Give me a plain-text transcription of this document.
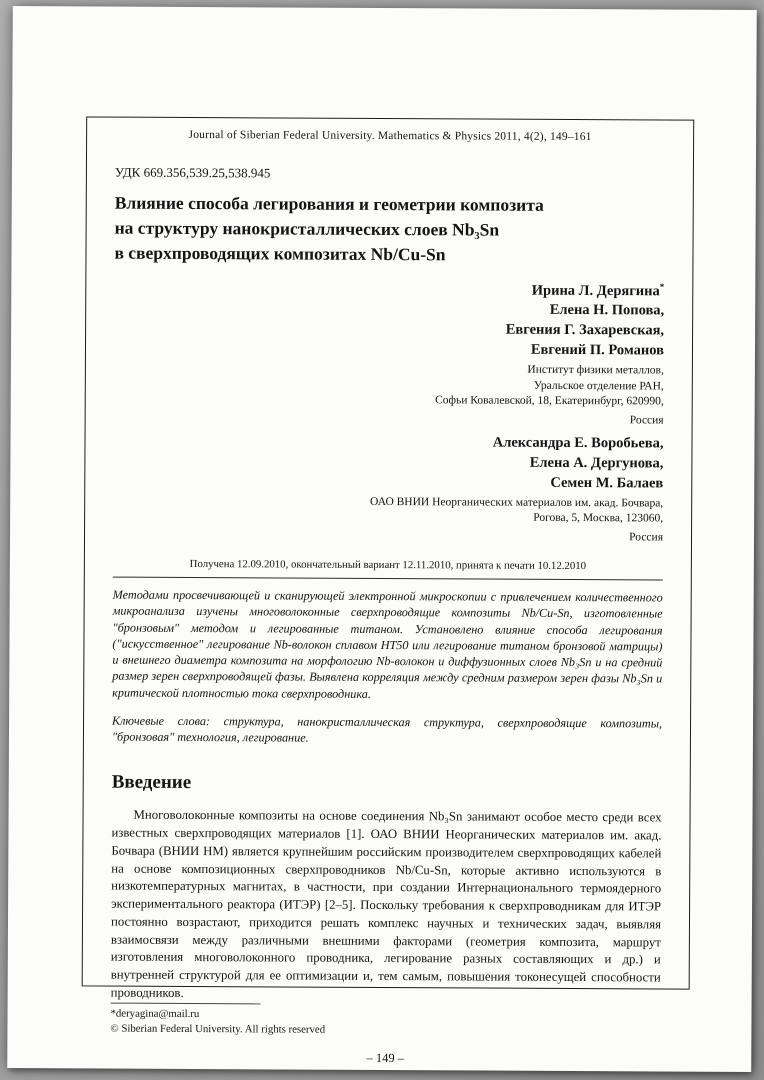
Journal of Siberian Federal University. Mathematics & Physics 2011, 4(2), 149–161
УДК 669.356,539.25,538.945
Влияние способа легирования и геометрии композита
на структуру нанокристаллических слоев Nb₃Sn
в сверхпроводящих композитах Nb/Cu-Sn
Ирина Л. Дерягина*
Елена Н. Попова,
Евгения Г. Захаревская,
Евгений П. Романов
Институт физики металлов,
Уральское отделение РАН,
Софьи Ковалевской, 18, Екатеринбург, 620990,
Россия
Александра Е. Воробьева,
Елена А. Дергунова,
Семен М. Балаев
ОАО ВНИИ Неорганических материалов им. акад. Бочвара,
Рогова, 5, Москва, 123060,
Россия
Получена 12.09.2010, окончательный вариант 12.11.2010, принята к печати 10.12.2010
Методами просвечивающей и сканирующей электронной микроскопии с привлечением количественного микроанализа изучены многоволоконные сверхпроводящие композиты Nb/Cu-Sn, изготовленные "бронзовым" методом и легированные титаном. Установлено влияние способа легирования ("искусственное" легирование Nb-волокон сплавом НТ50 или легирование титаном бронзовой матрицы) и внешнего диаметра композита на морфологию Nb-волокон и диффузионных слоев Nb₃Sn и на средний размер зерен сверхпроводящей фазы. Выявлена корреляция между средним размером зерен фазы Nb₃Sn и критической плотностью тока сверхпроводника.
Ключевые слова: структура, нанокристаллическая структура, сверхпроводящие композиты, "бронзовая" технология, легирование.
Введение
Многоволоконные композиты на основе соединения Nb₃Sn занимают особое место среди всех известных сверхпроводящих материалов [1]. ОАО ВНИИ Неорганических материалов им. акад. Бочвара (ВНИИ НМ) является крупнейшим российским производителем сверхпроводящих кабелей на основе композиционных сверхпроводников Nb/Cu-Sn, которые активно используются в низкотемпературных магнитах, в частности, при создании Интернационального термоядерного экспериментального реактора (ИТЭР) [2–5]. Поскольку требования к сверхпроводникам для ИТЭР постоянно возрастают, приходится решать комплекс научных и технических задач, выявляя взаимосвязи между различными внешними факторами (геометрия композита, маршрут изготовления многоволоконного проводника, легирование разных составляющих и др.) и внутренней структурой для ее оптимизации и, тем самым, повышения токонесущей способности проводников.
*deryagina@mail.ru
© Siberian Federal University. All rights reserved
– 149 –
